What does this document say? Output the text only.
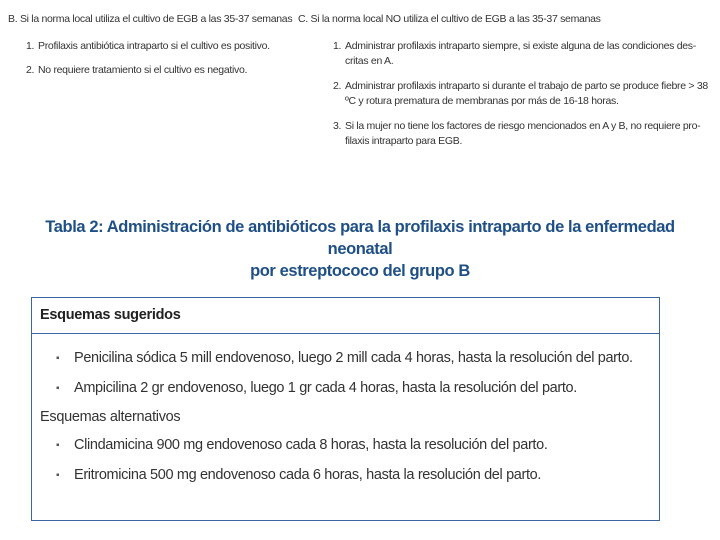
B. Si la norma local utiliza el cultivo de EGB a las 35-37 semanas

1. Profilaxis antibiótica intraparto si el cultivo es positivo.
2. No requiere tratamiento si el cultivo es negativo.

C. Si la norma local NO utiliza el cultivo de EGB a las 35-37 semanas

1. Administrar profilaxis intraparto siempre, si existe alguna de las condiciones des-critas en A.
2. Administrar profilaxis intraparto si durante el trabajo de parto se produce fiebre > 38 ºC y rotura prematura de membranas por más de 16-18 horas.
3. Si la mujer no tiene los factores de riesgo mencionados en A y B, no requiere pro-filaxis intraparto para EGB.
Tabla 2: Administración de antibióticos para la profilaxis intraparto de la enfermedad neonatal
por estreptococo del grupo B
Esquemas sugeridos
▪ Penicilina sódica 5 mill endovenoso, luego 2 mill cada 4 horas, hasta la resolución del parto.
▪ Ampicilina 2 gr endovenoso, luego 1 gr cada 4 horas, hasta la resolución del parto.
Esquemas alternativos
▪ Clindamicina 900 mg endovenoso cada 8 horas, hasta la resolución del parto.
▪ Eritromicina 500 mg endovenoso cada 6 horas, hasta la resolución del parto.
